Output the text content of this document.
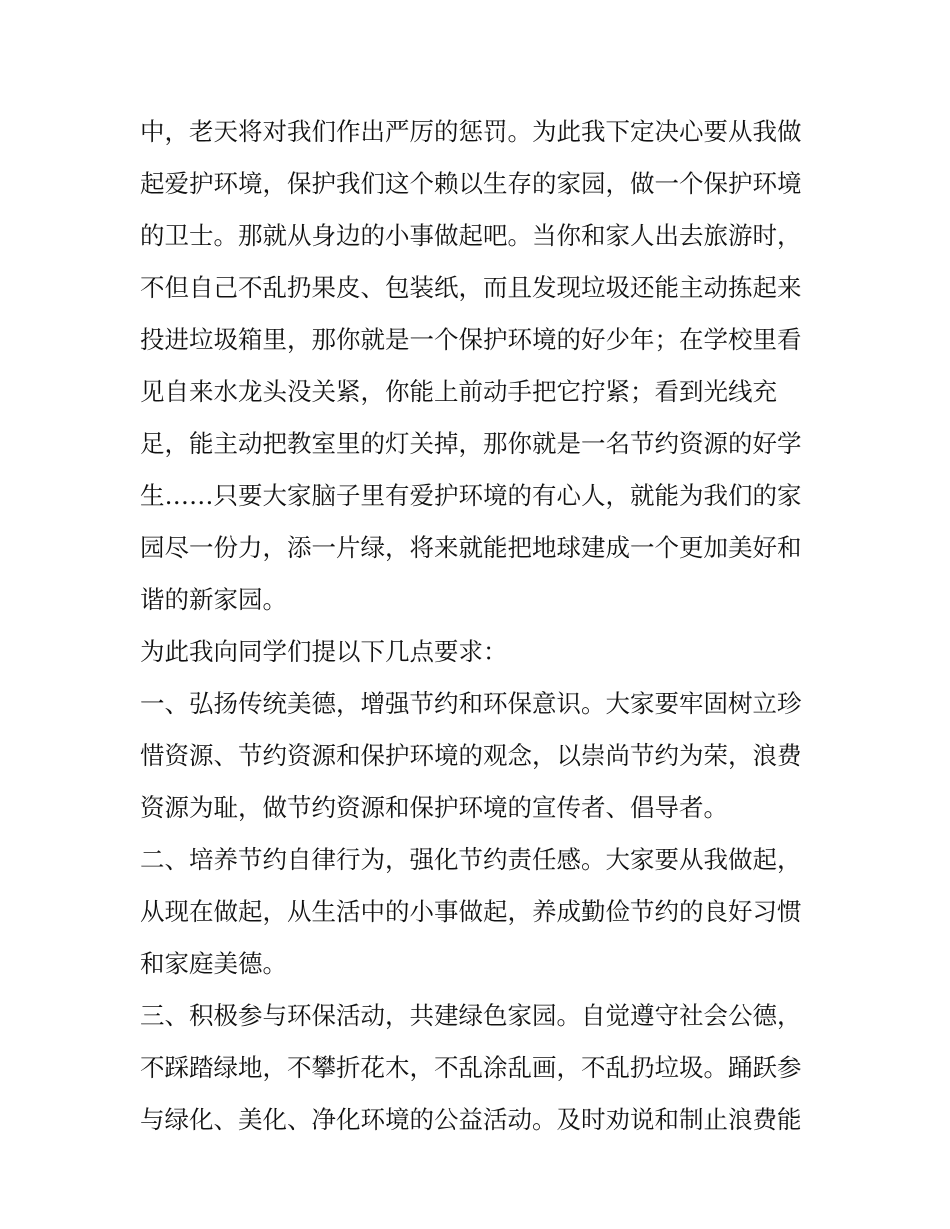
中，老天将对我们作出严厉的惩罚。为此我下定决心要从我做
起爱护环境，保护我们这个赖以生存的家园，做一个保护环境
的卫士。那就从身边的小事做起吧。当你和家人出去旅游时，
不但自己不乱扔果皮、包装纸，而且发现垃圾还能主动拣起来
投进垃圾箱里，那你就是一个保护环境的好少年；在学校里看
见自来水龙头没关紧，你能上前动手把它拧紧；看到光线充
足，能主动把教室里的灯关掉，那你就是一名节约资源的好学
生……只要大家脑子里有爱护环境的有心人，就能为我们的家
园尽一份力，添一片绿，将来就能把地球建成一个更加美好和
谐的新家园。
为此我向同学们提以下几点要求：
一、弘扬传统美德，增强节约和环保意识。大家要牢固树立珍
惜资源、节约资源和保护环境的观念，以崇尚节约为荣，浪费
资源为耻，做节约资源和保护环境的宣传者、倡导者。
二、培养节约自律行为，强化节约责任感。大家要从我做起，
从现在做起，从生活中的小事做起，养成勤俭节约的良好习惯
和家庭美德。
三、积极参与环保活动，共建绿色家园。自觉遵守社会公德，
不踩踏绿地，不攀折花木，不乱涂乱画，不乱扔垃圾。踊跃参
与绿化、美化、净化环境的公益活动。及时劝说和制止浪费能
